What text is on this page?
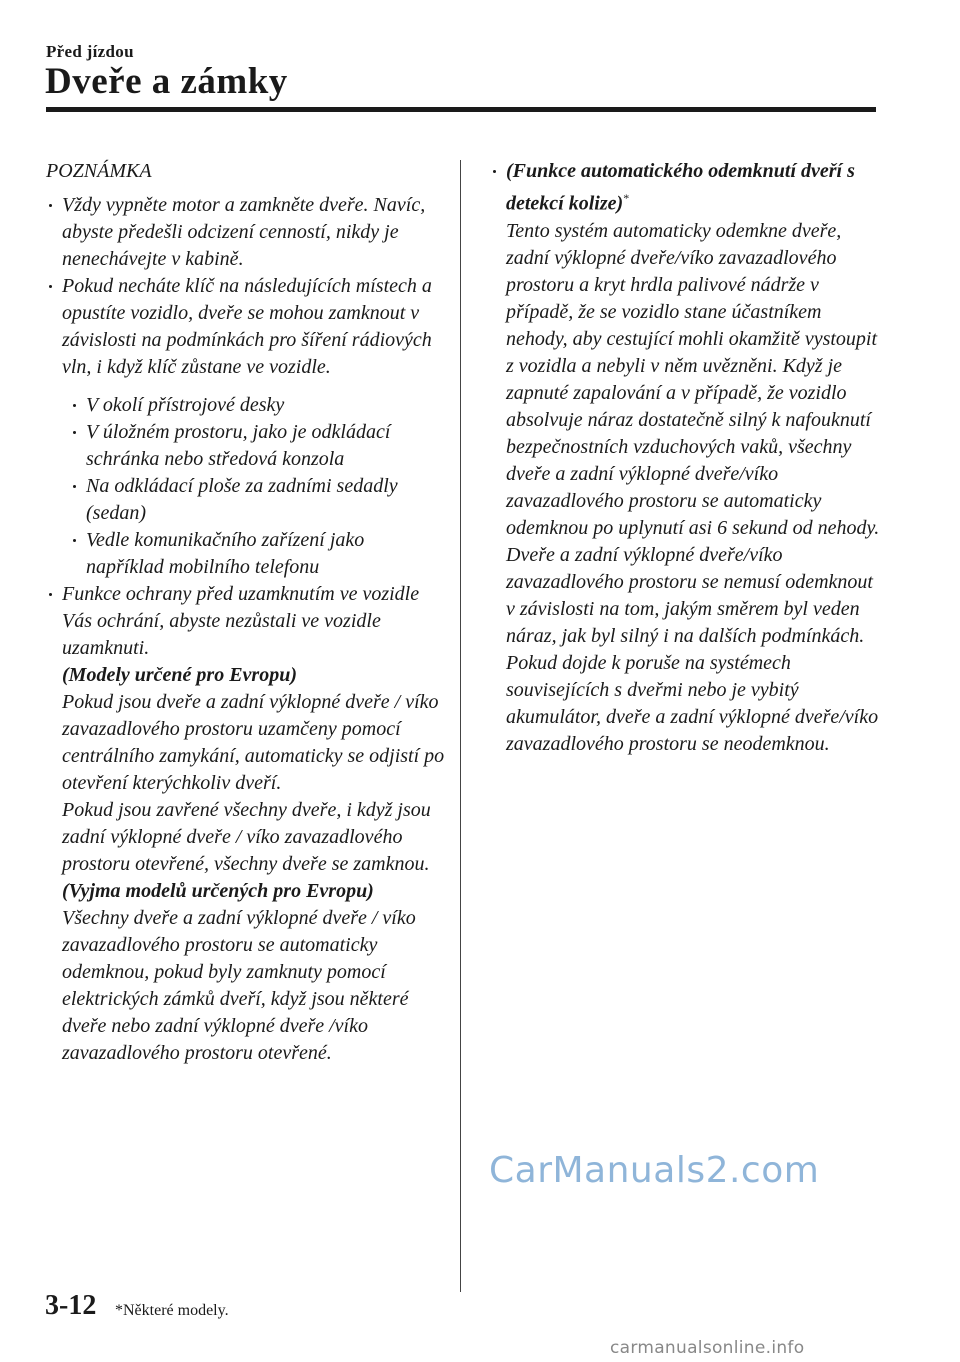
Před jízdou
Dveře a zámky

POZNÁMKA

Vždy vypněte motor a zamkněte dveře. Navíc, abyste předešli odcizení cenností, nikdy je nenechávejte v kabině.

Pokud necháte klíč na následujících místech a opustíte vozidlo, dveře se mohou zamknout v závislosti na podmínkách pro šíření rádiových vln, i když klíč zůstane ve vozidle.

V okolí přístrojové desky

V úložném prostoru, jako je odkládací schránka nebo středová konzola

Na odkládací ploše za zadními sedadly (sedan)

Vedle komunikačního zařízení jako například mobilního telefonu

Funkce ochrany před uzamknutím ve vozidle Vás ochrání, abyste nezůstali ve vozidle uzamknuti.

(Modely určené pro Evropu)

Pokud jsou dveře a zadní výklopné dveře / víko zavazadlového prostoru uzamčeny pomocí centrálního zamykání, automaticky se odjistí po otevření kterýchkoliv dveří.

Pokud jsou zavřené všechny dveře, i když jsou zadní výklopné dveře / víko zavazadlového prostoru otevřené, všechny dveře se zamknou.

(Vyjma modelů určených pro Evropu)

Všechny dveře a zadní výklopné dveře / víko zavazadlového prostoru se automaticky odemknou, pokud byly zamknuty pomocí elektrických zámků dveří, když jsou některé dveře nebo zadní výklopné dveře /víko zavazadlového prostoru otevřené.

(Funkce automatického odemknutí dveří s detekcí kolize)*

Tento systém automaticky odemkne dveře, zadní výklopné dveře/víko zavazadlového prostoru a kryt hrdla palivové nádrže v případě, že se vozidlo stane účastníkem nehody, aby cestující mohli okamžitě vystoupit z vozidla a nebyli v něm uvězněni. Když je zapnuté zapalování a v případě, že vozidlo absolvuje náraz dostatečně silný k nafouknutí bezpečnostních vzduchových vaků, všechny dveře a zadní výklopné dveře/víko zavazadlového prostoru se automaticky odemknou po uplynutí asi 6 sekund od nehody.

Dveře a zadní výklopné dveře/víko zavazadlového prostoru se nemusí odemknout v závislosti na tom, jakým směrem byl veden náraz, jak byl silný i na dalších podmínkách.

Pokud dojde k poruše na systémech souvisejících s dveřmi nebo je vybitý akumulátor, dveře a zadní výklopné dveře/víko zavazadlového prostoru se neodemknou.

CarManuals2.com
3-12 *Některé modely.
carmanualsonline.info
